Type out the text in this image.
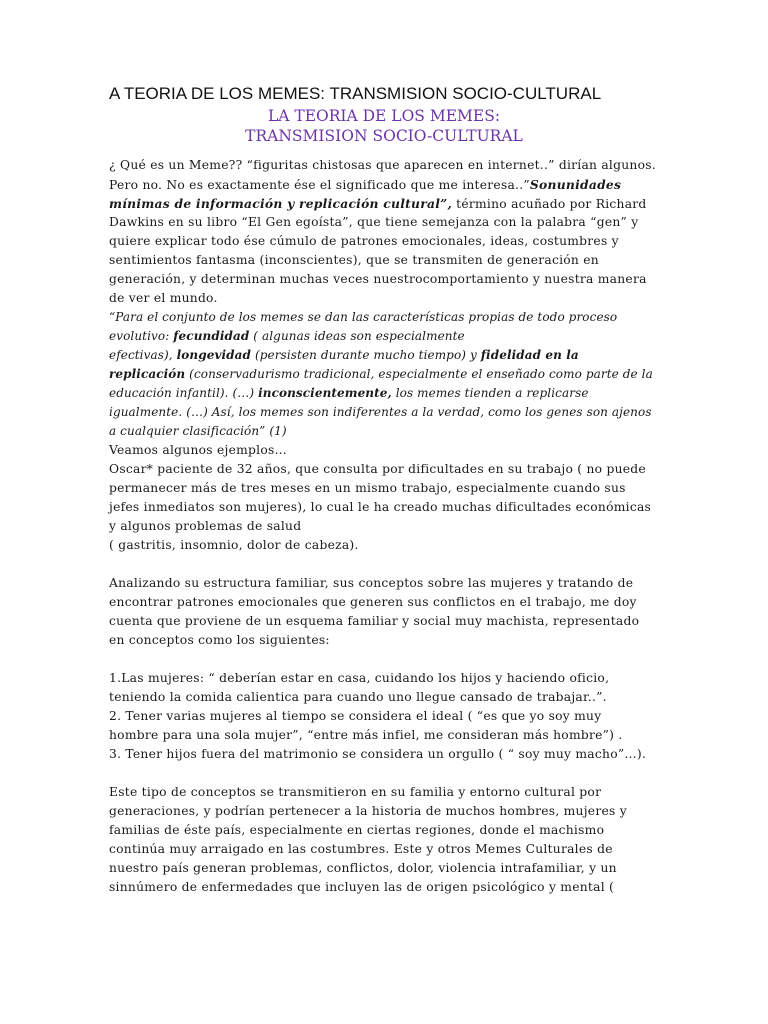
A TEORIA DE LOS MEMES: TRANSMISION SOCIO-CULTURAL
LA TEORIA DE LOS MEMES:
TRANSMISION SOCIO-CULTURAL
¿ Qué es un Meme?? “figuritas chistosas que aparecen en internet..” dirían algunos.
Pero no. No es exactamente ése el significado que me interesa..”Sonunidades
mínimas de información y replicación cultural”, término acuñado por Richard
Dawkins en su libro “El Gen egoísta”, que tiene semejanza con la palabra “gen” y
quiere explicar todo ése cúmulo de patrones emocionales, ideas, costumbres y
sentimientos fantasma (inconscientes), que se transmiten de generación en
generación, y determinan muchas veces nuestrocomportamiento y nuestra manera
de ver el mundo.
“Para el conjunto de los memes se dan las características propias de todo proceso
evolutivo: fecundidad ( algunas ideas son especialmente
efectivas), longevidad (persisten durante mucho tiempo) y fidelidad en la
replicación (conservadurismo tradicional, especialmente el enseñado como parte de la
educación infantil). (…) inconscientemente, los memes tienden a replicarse
igualmente. (…) Así, los memes son indiferentes a la verdad, como los genes son ajenos
a cualquier clasificación” (1)
Veamos algunos ejemplos…
Oscar* paciente de 32 años, que consulta por dificultades en su trabajo ( no puede
permanecer más de tres meses en un mismo trabajo, especialmente cuando sus
jefes inmediatos son mujeres), lo cual le ha creado muchas dificultades económicas
y algunos problemas de salud
( gastritis, insomnio, dolor de cabeza).
Analizando su estructura familiar, sus conceptos sobre las mujeres y tratando de
encontrar patrones emocionales que generen sus conflictos en el trabajo, me doy
cuenta que proviene de un esquema familiar y social muy machista, representado
en conceptos como los siguientes:
1.Las mujeres: “ deberían estar en casa, cuidando los hijos y haciendo oficio,
teniendo la comida calientica para cuando uno llegue cansado de trabajar..”.
2. Tener varias mujeres al tiempo se considera el ideal ( “es que yo soy muy
hombre para una sola mujer”, “entre más infiel, me consideran más hombre”) .
3. Tener hijos fuera del matrimonio se considera un orgullo ( “ soy muy macho”…).
Este tipo de conceptos se transmitieron en su familia y entorno cultural por
generaciones, y podrían pertenecer a la historia de muchos hombres, mujeres y
familias de éste país, especialmente en ciertas regiones, donde el machismo
continúa muy arraigado en las costumbres. Este y otros Memes Culturales de
nuestro país generan problemas, conflictos, dolor, violencia intrafamiliar, y un
sinnúmero de enfermedades que incluyen las de origen psicológico y mental (
